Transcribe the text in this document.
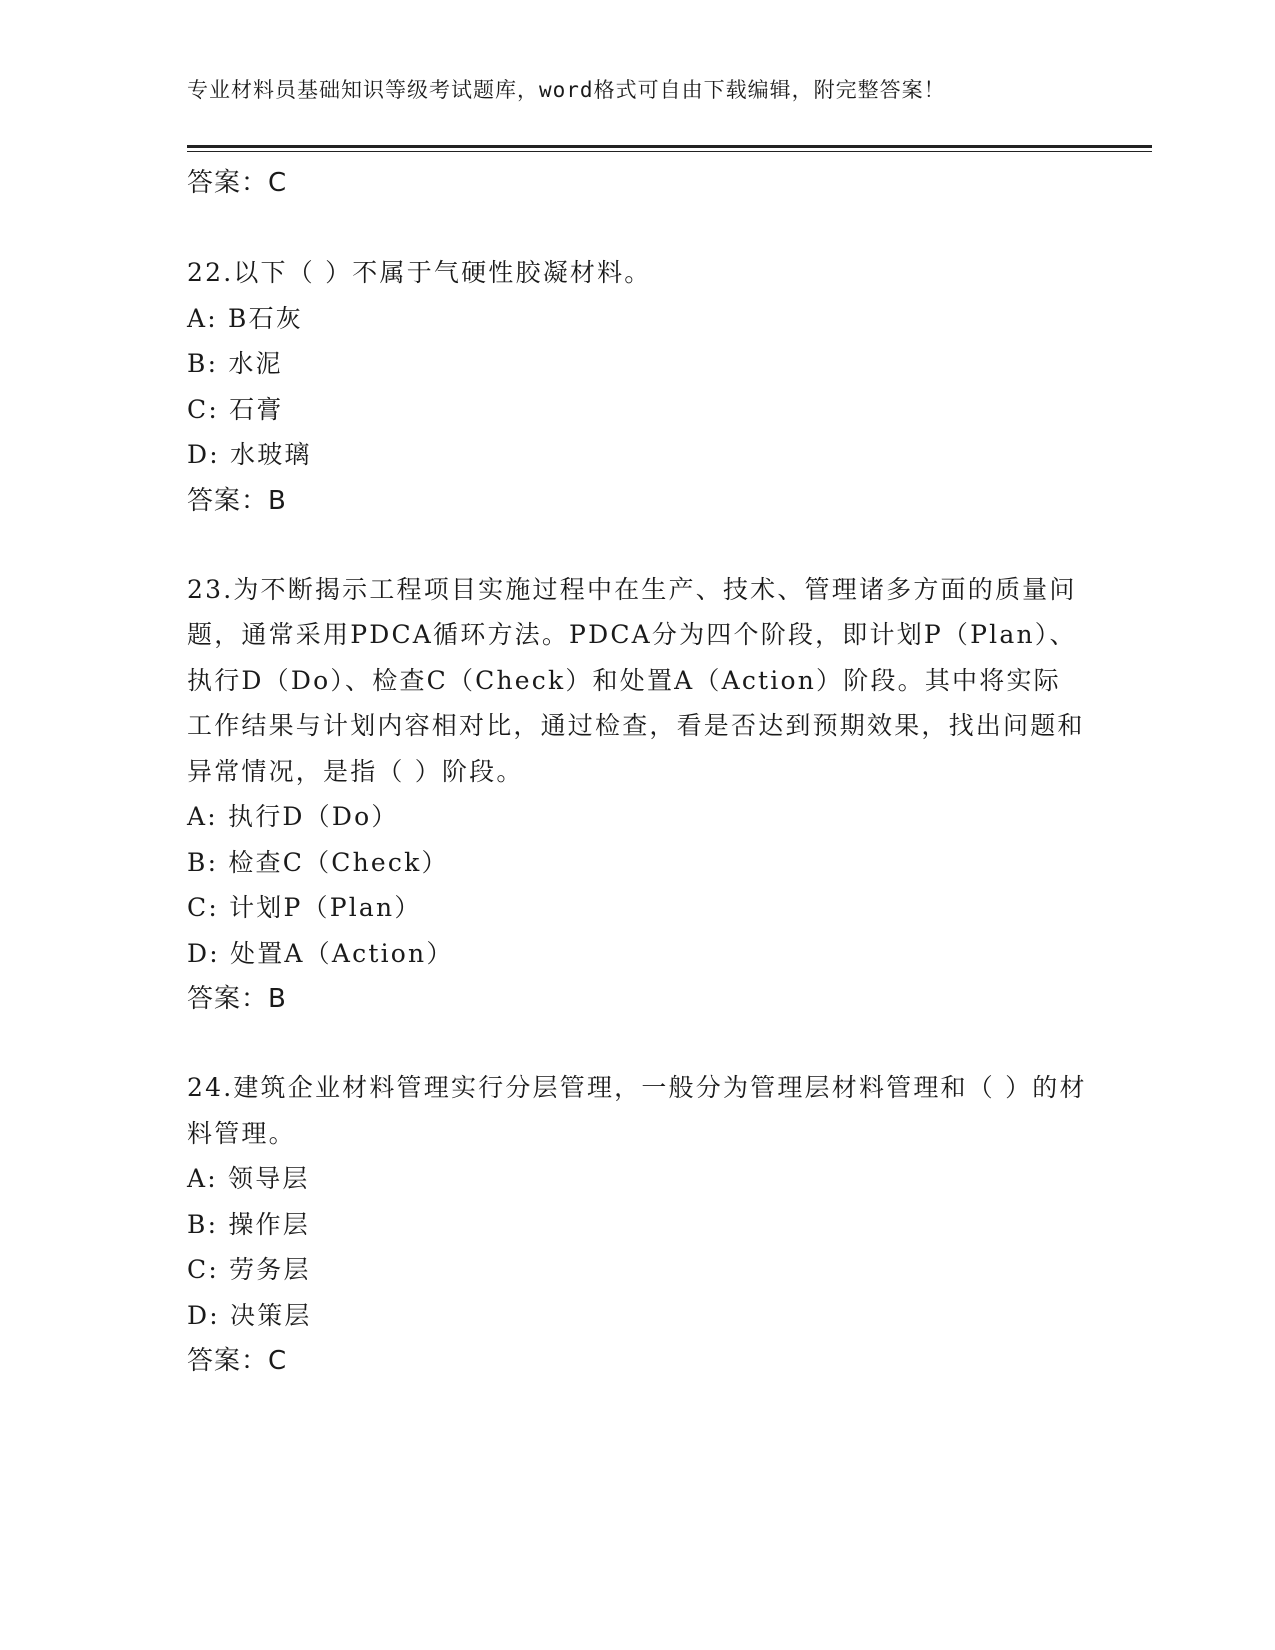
专业材料员基础知识等级考试题库，word格式可自由下载编辑，附完整答案！
答案：C
22.以下（ ）不属于气硬性胶凝材料。
A: B石灰
B: 水泥
C: 石膏
D: 水玻璃
答案：B
23.为不断揭示工程项目实施过程中在生产、技术、管理诸多方面的质量问题，通常采用PDCA循环方法。PDCA分为四个阶段，即计划P（Plan）、执行D（Do）、检查C（Check）和处置A（Action）阶段。其中将实际工作结果与计划内容相对比，通过检查，看是否达到预期效果，找出问题和异常情况，是指（ ）阶段。
A: 执行D（Do）
B: 检查C（Check）
C: 计划P（Plan）
D: 处置A（Action）
答案：B
24.建筑企业材料管理实行分层管理，一般分为管理层材料管理和（ ）的材料管理。
A: 领导层
B: 操作层
C: 劳务层
D: 决策层
答案：C
